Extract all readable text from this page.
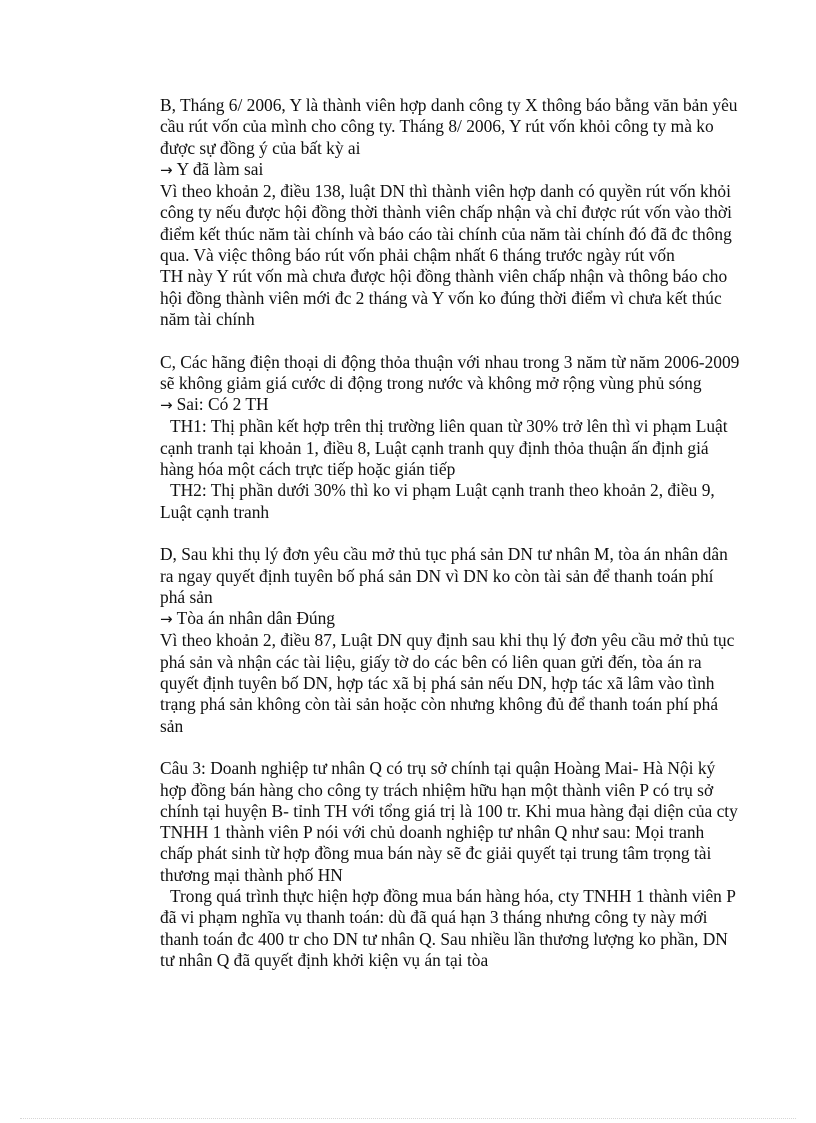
B, Tháng 6/ 2006, Y là thành viên hợp danh công ty X thông báo bằng văn bản yêu cầu rút vốn của mình cho công ty. Tháng 8/ 2006, Y rút vốn khỏi công ty mà ko được sự đồng ý của bất kỳ ai

→ Y đã làm sai

Vì theo khoản 2, điều 138, luật DN thì thành viên hợp danh có quyền rút vốn khỏi công ty nếu được hội đồng thời thành viên chấp nhận và chỉ được rút vốn vào thời điểm kết thúc năm tài chính và báo cáo tài chính của năm tài chính đó đã đc thông qua. Và việc thông báo rút vốn phải chậm nhất 6 tháng trước ngày rút vốn

TH này Y rút vốn mà chưa được hội đồng thành viên chấp nhận và thông báo cho hội đồng thành viên mới đc 2 tháng và Y vốn ko đúng thời điểm vì chưa kết thúc năm tài chính

C, Các hãng điện thoại di động thỏa thuận với nhau trong 3 năm từ năm 2006-2009 sẽ không giảm giá cước di động trong nước và không mở rộng vùng phủ sóng

→ Sai: Có 2 TH

TH1: Thị phần kết hợp trên thị trường liên quan từ 30% trở lên thì vi phạm Luật cạnh tranh tại khoản 1, điều 8, Luật cạnh tranh quy định thỏa thuận ấn định giá hàng hóa một cách trực tiếp hoặc gián tiếp

TH2: Thị phần dưới 30% thì ko vi phạm Luật cạnh tranh theo khoản 2, điều 9, Luật cạnh tranh

D, Sau khi thụ lý đơn yêu cầu mở thủ tục phá sản DN tư nhân M, tòa án nhân dân ra ngay quyết định tuyên bố phá sản DN vì DN ko còn tài sản để thanh toán phí phá sản

→ Tòa án nhân dân Đúng

Vì theo khoản 2, điều 87, Luật DN quy định sau khi thụ lý đơn yêu cầu mở thủ tục phá sản và nhận các tài liệu, giấy tờ do các bên có liên quan gửi đến, tòa án ra quyết định tuyên bố DN, hợp tác xã bị phá sản nếu DN, hợp tác xã lâm vào tình trạng phá sản không còn tài sản hoặc còn nhưng không đủ để thanh toán phí phá sản

Câu 3: Doanh nghiệp tư nhân Q có trụ sở chính tại quận Hoàng Mai- Hà Nội ký hợp đồng bán hàng cho công ty trách nhiệm hữu hạn một thành viên P có trụ sở chính tại huyện B- tỉnh TH với tổng giá trị là 100 tr. Khi mua hàng đại diện của cty TNHH 1 thành viên P nói với chủ doanh nghiệp tư nhân Q như sau: Mọi tranh chấp phát sinh từ hợp đồng mua bán này sẽ đc giải quyết tại trung tâm trọng tài thương mại thành phố HN

Trong quá trình thực hiện hợp đồng mua bán hàng hóa, cty TNHH 1 thành viên P đã vi phạm nghĩa vụ thanh toán: dù đã quá hạn 3 tháng nhưng công ty này mới thanh toán đc 400 tr cho DN tư nhân Q. Sau nhiều lần thương lượng ko phần, DN tư nhân Q đã quyết định khởi kiện vụ án tại tòa
